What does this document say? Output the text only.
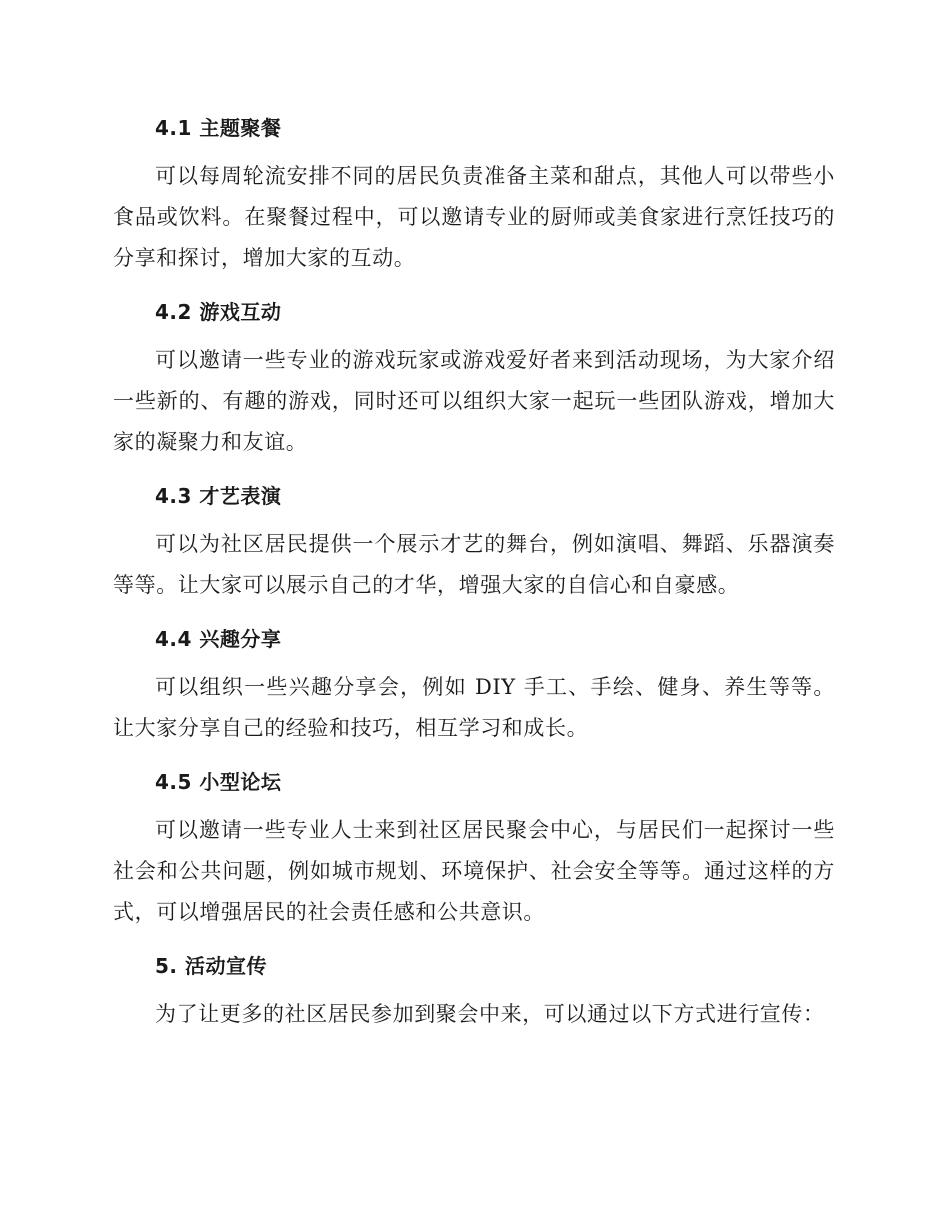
4.1 主题聚餐

可以每周轮流安排不同的居民负责准备主菜和甜点，其他人可以带些小食品或饮料。在聚餐过程中，可以邀请专业的厨师或美食家进行烹饪技巧的分享和探讨，增加大家的互动。

4.2 游戏互动

可以邀请一些专业的游戏玩家或游戏爱好者来到活动现场，为大家介绍一些新的、有趣的游戏，同时还可以组织大家一起玩一些团队游戏，增加大家的凝聚力和友谊。

4.3 才艺表演

可以为社区居民提供一个展示才艺的舞台，例如演唱、舞蹈、乐器演奏等等。让大家可以展示自己的才华，增强大家的自信心和自豪感。

4.4 兴趣分享

可以组织一些兴趣分享会，例如 DIY 手工、手绘、健身、养生等等。让大家分享自己的经验和技巧，相互学习和成长。

4.5 小型论坛

可以邀请一些专业人士来到社区居民聚会中心，与居民们一起探讨一些社会和公共问题，例如城市规划、环境保护、社会安全等等。通过这样的方式，可以增强居民的社会责任感和公共意识。

5. 活动宣传

为了让更多的社区居民参加到聚会中来，可以通过以下方式进行宣传：
